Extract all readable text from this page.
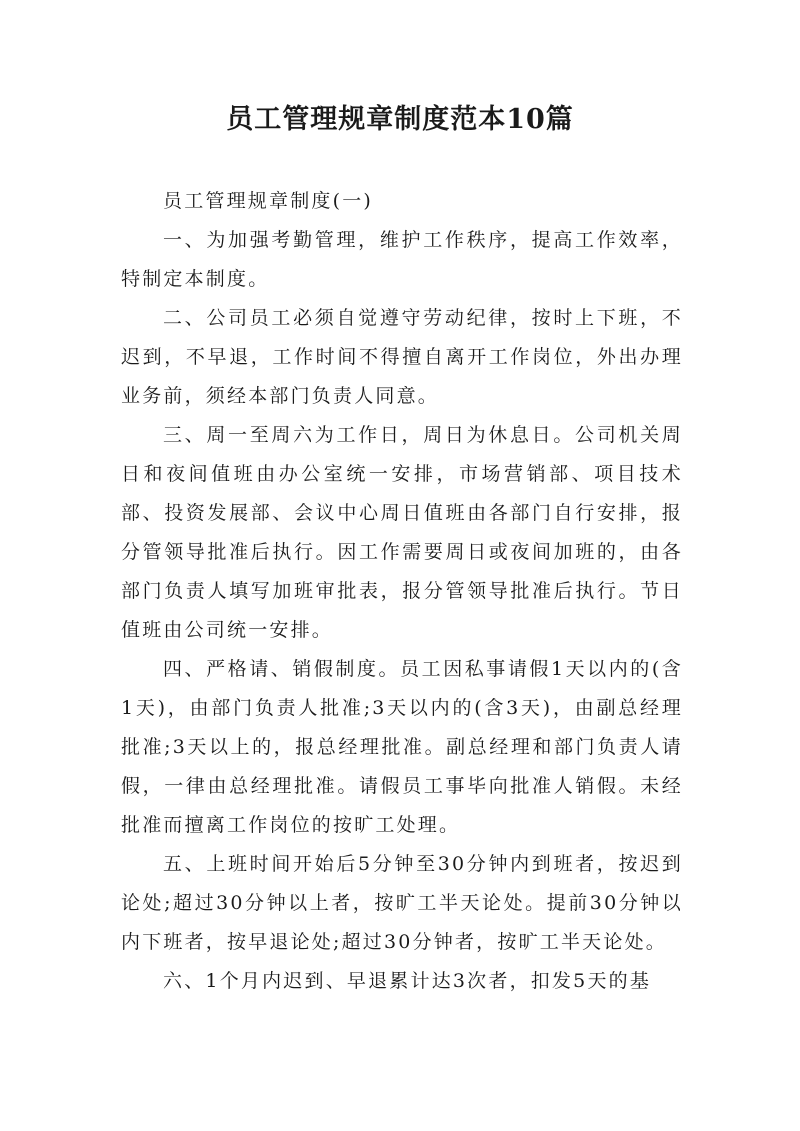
员工管理规章制度范本10篇

员工管理规章制度(一)

一、为加强考勤管理，维护工作秩序，提高工作效率，特制定本制度。

二、公司员工必须自觉遵守劳动纪律，按时上下班，不迟到，不早退，工作时间不得擅自离开工作岗位，外出办理业务前，须经本部门负责人同意。

三、周一至周六为工作日，周日为休息日。公司机关周日和夜间值班由办公室统一安排，市场营销部、项目技术部、投资发展部、会议中心周日值班由各部门自行安排，报分管领导批准后执行。因工作需要周日或夜间加班的，由各部门负责人填写加班审批表，报分管领导批准后执行。节日值班由公司统一安排。

四、严格请、销假制度。员工因私事请假1天以内的(含1天)，由部门负责人批准;3天以内的(含3天)，由副总经理批准;3天以上的，报总经理批准。副总经理和部门负责人请假，一律由总经理批准。请假员工事毕向批准人销假。未经批准而擅离工作岗位的按旷工处理。

五、上班时间开始后5分钟至30分钟内到班者，按迟到论处;超过30分钟以上者，按旷工半天论处。提前30分钟以内下班者，按早退论处;超过30分钟者，按旷工半天论处。

六、1个月内迟到、早退累计达3次者，扣发5天的基
